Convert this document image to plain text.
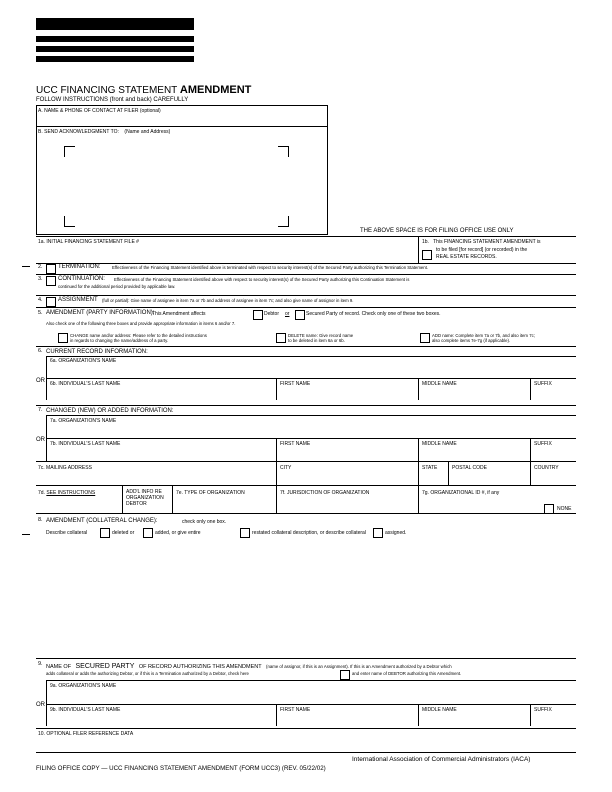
UCC FINANCING STATEMENT AMENDMENT
FOLLOW INSTRUCTIONS (front and back) CAREFULLY
A. NAME & PHONE OF CONTACT AT FILER (optional)
B. SEND ACKNOWLEDGMENT TO: (Name and Address)
THE ABOVE SPACE IS FOR FILING OFFICE USE ONLY
1a. INITIAL FINANCING STATEMENT FILE #	1b. This FINANCING STATEMENT AMENDMENT is
to be filed [for record] (or recorded) in the
REAL ESTATE RECORDS.
2.	TERMINATION:	Effectiveness of the Financing Statement identified above is terminated with respect to security interest(s) of the Secured Party authorizing this Termination Statement.
3.	CONTINUATION: Effectiveness of the Financing Statement identified above with respect to security interest(s) of the Secured Party authorizing this Continuation Statement is
continued for the additional period provided by applicable law.
4.	ASSIGNMENT (full or partial): Give name of assignee in item 7a or 7b and address of assignee in item 7c; and also give name of assignor in item 9.
5. AMENDMENT (PARTY INFORMATION):
This Amendment affects	Debtor or	Secured Party of record. Check only one of these two boxes.
Also check one of the following three boxes and provide appropriate information in items 6 and/or 7.
CHANGE name and/or address: Please refer to the detailed instructions
in regards to changing the name/address of a party.
DELETE name: Give record name
to be deleted in item 6a or 6b.
ADD name: Complete item 7a or 7b, and also item 7c;
also complete items 7e-7g (if applicable).
6. CURRENT RECORD INFORMATION:
6a. ORGANIZATION'S NAME
OR 6b. INDIVIDUAL'S LAST NAME	FIRST NAME	MIDDLE NAME	SUFFIX
7. CHANGED (NEW) OR ADDED INFORMATION:
7a. ORGANIZATION'S NAME
OR
7b. INDIVIDUAL'S LAST NAME	FIRST NAME	MIDDLE NAME	SUFFIX
7c. MAILING ADDRESS	CITY	STATE	POSTAL CODE	COUNTRY
7d. SEE INSTRUCTIONS	ADD'L INFO RE
ORGANIZATION
DEBTOR
7e. TYPE OF ORGANIZATION	7f. JURISDICTION OF ORGANIZATION	7g. ORGANIZATIONAL ID #, if any
NONE
8. AMENDMENT (COLLATERAL CHANGE):	check only one box.
Describe collateral	deleted or	added, or give entire	restated collateral description, or describe collateral	assigned.
9. NAME OF SECURED PARTY OF RECORD AUTHORIZING THIS AMENDMENT (name of assignor, if this is an Assignment). If this is an Amendment authorized by a Debtor which
adds collateral or adds the authorizing Debtor, or if this is a Termination authorized by a Debtor, check here	and enter name of DEBTOR authorizing this Amendment.
9a. ORGANIZATION'S NAME
OR
9b. INDIVIDUAL'S LAST NAME	FIRST NAME	MIDDLE NAME	SUFFIX
10. OPTIONAL FILER REFERENCE DATA
International Association of Commercial Administrators (IACA)
FILING OFFICE COPY — UCC FINANCING STATEMENT AMENDMENT (FORM UCC3) (REV. 05/22/02)
